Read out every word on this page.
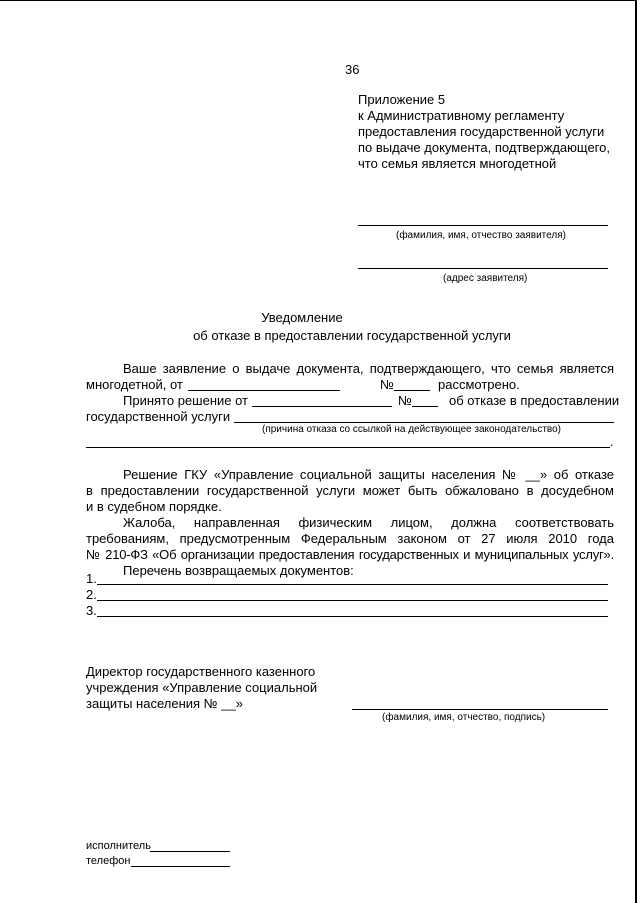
36
Приложение 5
к Административному регламенту
предоставления государственной услуги
по выдаче документа, подтверждающего,
что семья является многодетной
(фамилия, имя, отчество заявителя)
(адрес заявителя)
Уведомление
об отказе в предоставлении государственной услуги
Ваше заявление о выдаче документа, подтверждающего, что семья является
многодетной, от	№	рассмотрено.
Принято решение от	№	об отказе в предоставлении
государственной услуги
(причина отказа со ссылкой на действующее законодательство)
.
Решение ГКУ «Управление социальной защиты населения № __» об отказе
в предоставлении государственной услуги может быть обжаловано в досудебном
и в судебном порядке.
Жалоба, направленная физическим лицом, должна соответствовать
требованиям, предусмотренным Федеральным законом от 27 июля 2010 года
№ 210-ФЗ «Об организации предоставления государственных и муниципальных услуг».
Перечень возвращаемых документов:
1.
2.
3.
Директор государственного казенного
учреждения «Управление социальной
защиты населения № __»
(фамилия, имя, отчество, подпись)
исполнитель
телефон
